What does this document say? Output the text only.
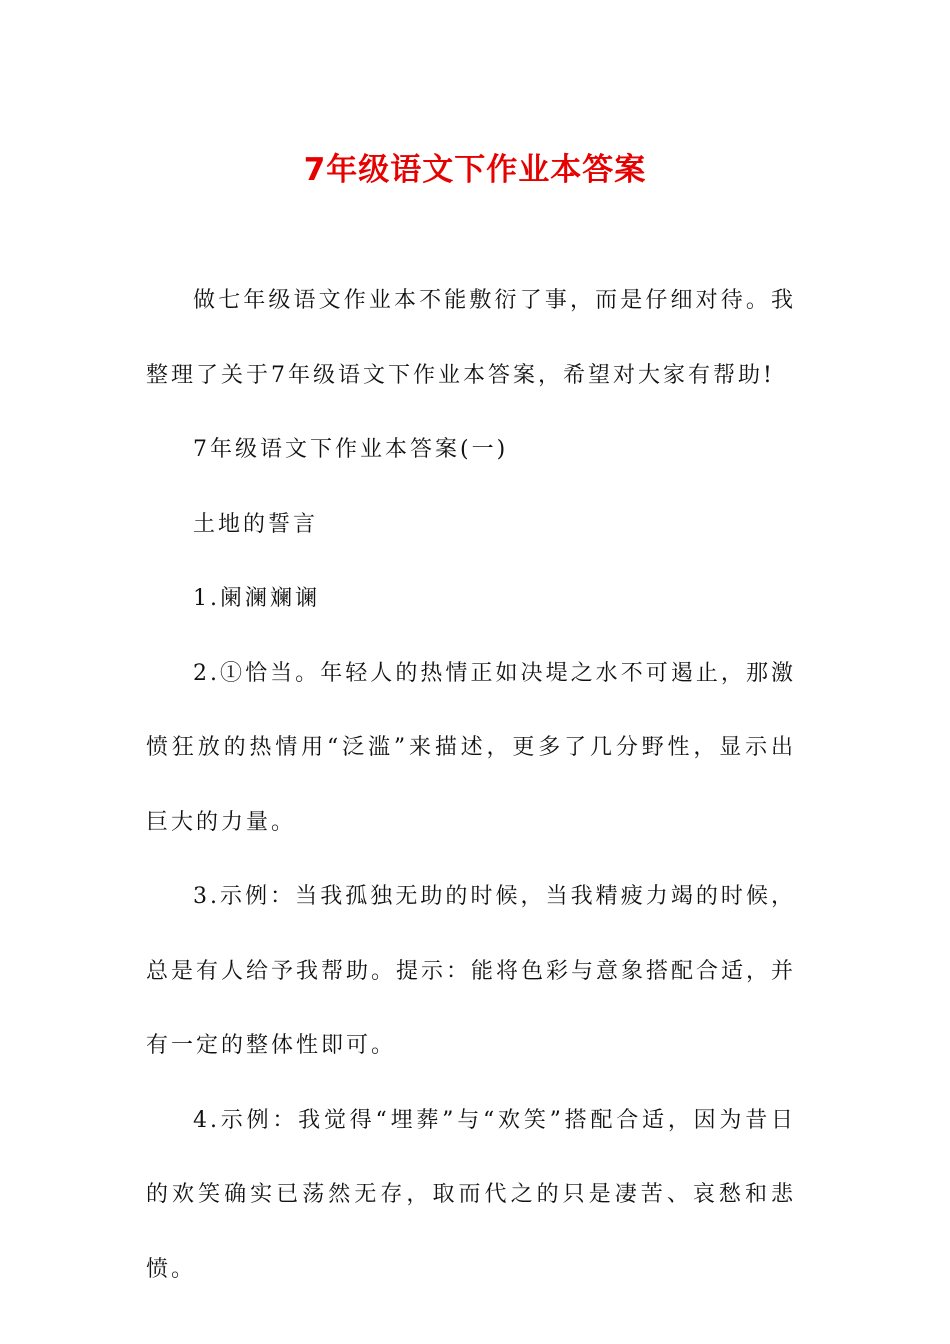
7年级语文下作业本答案

做七年级语文作业本不能敷衍了事，而是仔细对待。我整理了关于7年级语文下作业本答案，希望对大家有帮助!

7年级语文下作业本答案(一)

土地的誓言

1.阑澜斓谰

2.①恰当。年轻人的热情正如决堤之水不可遏止，那激愤狂放的热情用“泛滥”来描述，更多了几分野性，显示出巨大的力量。

3.示例：当我孤独无助的时候，当我精疲力竭的时候，总是有人给予我帮助。提示：能将色彩与意象搭配合适，并有一定的整体性即可。

4.示例：我觉得“埋葬”与“欢笑”搭配合适，因为昔日的欢笑确实已荡然无存，取而代之的只是凄苦、哀愁和悲愤。
